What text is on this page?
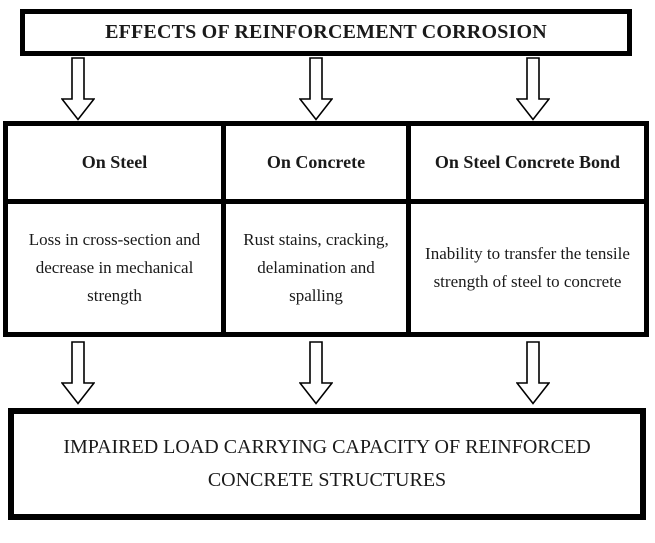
EFFECTS OF REINFORCEMENT CORROSION
On Steel	On Concrete	On Steel Concrete Bond
Loss in cross-section and decrease in mechanical strength
Rust stains, cracking, delamination and spalling
Inability to transfer the tensile strength of steel to concrete
IMPAIRED LOAD CARRYING CAPACITY OF REINFORCED CONCRETE STRUCTURES
